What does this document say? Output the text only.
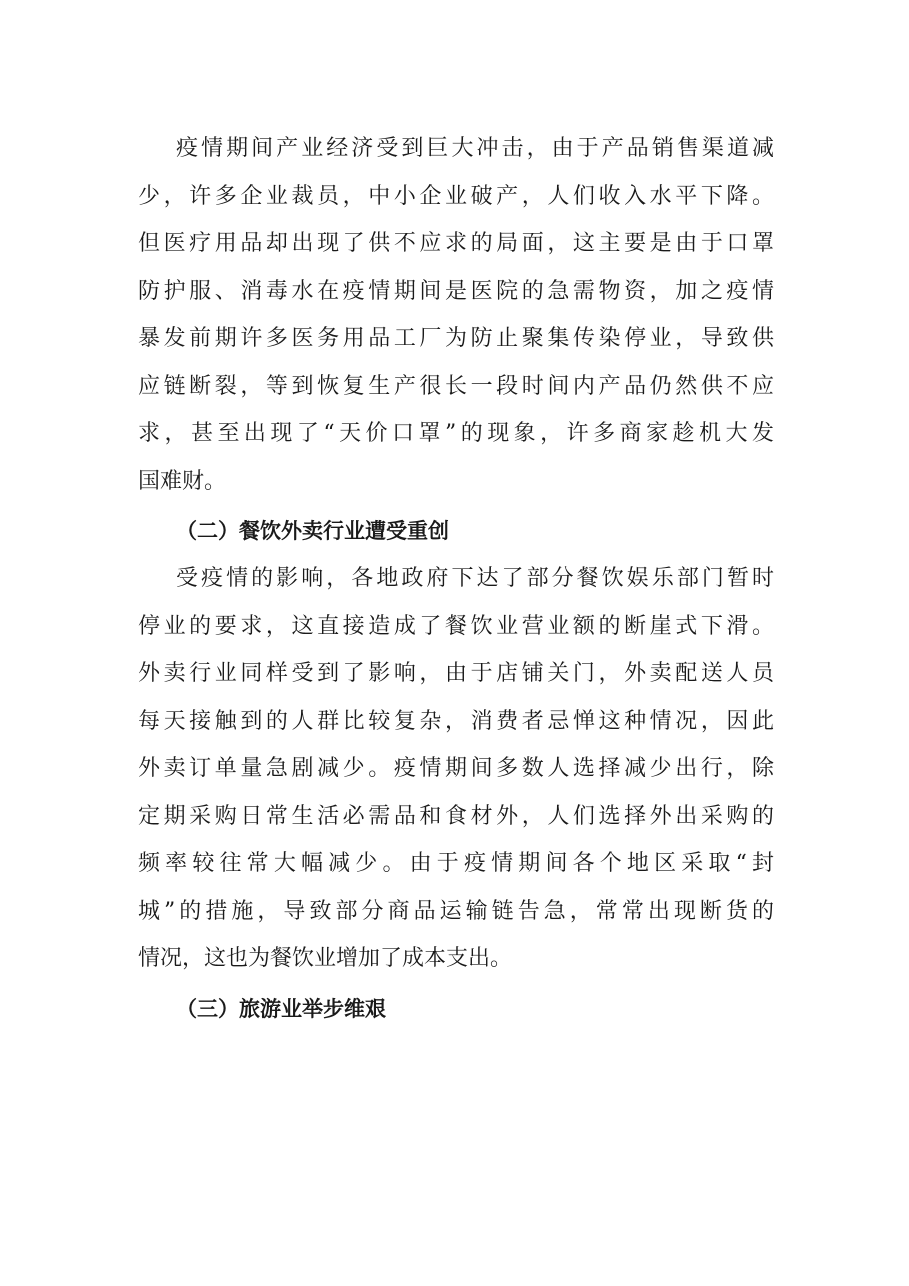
疫情期间产业经济受到巨大冲击，由于产品销售渠道减
少，许多企业裁员，中小企业破产，人们收入水平下降。
但医疗用品却出现了供不应求的局面，这主要是由于口罩
防护服、消毒水在疫情期间是医院的急需物资，加之疫情
暴发前期许多医务用品工厂为防止聚集传染停业，导致供
应链断裂，等到恢复生产很长一段时间内产品仍然供不应
求，甚至出现了“天价口罩”的现象，许多商家趁机大发
国难财。
（二）餐饮外卖行业遭受重创
受疫情的影响，各地政府下达了部分餐饮娱乐部门暂时
停业的要求，这直接造成了餐饮业营业额的断崖式下滑。
外卖行业同样受到了影响，由于店铺关门，外卖配送人员
每天接触到的人群比较复杂，消费者忌惮这种情况，因此
外卖订单量急剧减少。疫情期间多数人选择减少出行，除
定期采购日常生活必需品和食材外，人们选择外出采购的
频率较往常大幅减少。由于疫情期间各个地区采取“封
城”的措施，导致部分商品运输链告急，常常出现断货的
情况，这也为餐饮业增加了成本支出。
（三）旅游业举步维艰
